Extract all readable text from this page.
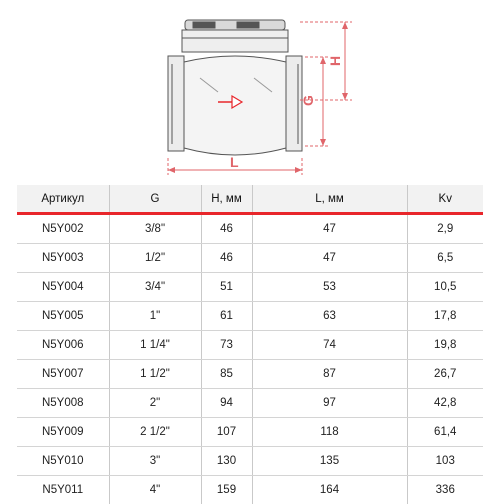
L
G
H
Артикул	G	H, мм	L, мм	Kv
N5Y002	3/8"	46	47	2,9
N5Y003	1/2"	46	47	6,5
N5Y004	3/4"	51	53	10,5
N5Y005	1"	61	63	17,8
N5Y006	1 1/4"	73	74	19,8
N5Y007	1 1/2"	85	87	26,7
N5Y008	2"	94	97	42,8
N5Y009	2 1/2"	107	118	61,4
N5Y010	3"	130	135	103
N5Y011	4"	159	164	336
